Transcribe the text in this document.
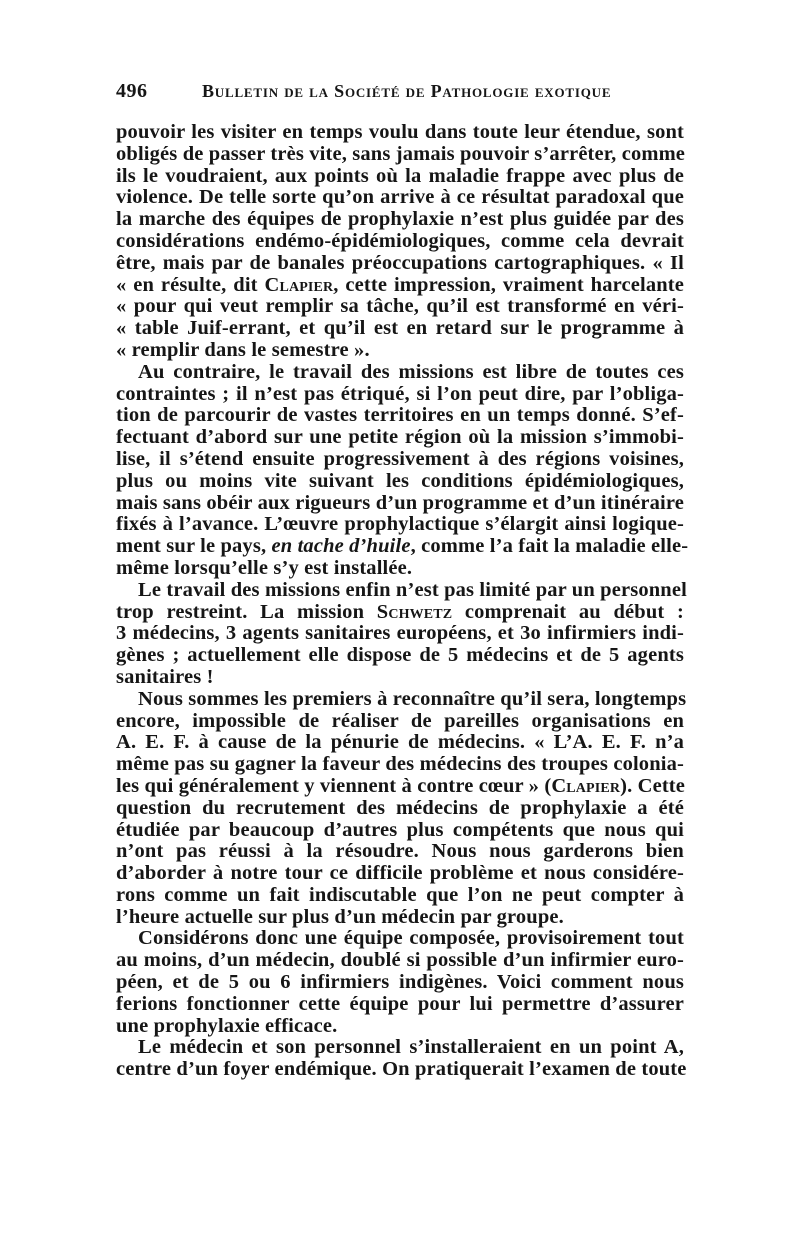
496	Bulletin de la Société de Pathologie exotique
pouvoir les visiter en temps voulu dans toute leur étendue, sont
obligés de passer très vite, sans jamais pouvoir s’arrêter, comme
ils le voudraient, aux points où la maladie frappe avec plus de
violence. De telle sorte qu’on arrive à ce résultat paradoxal que
la marche des équipes de prophylaxie n’est plus guidée par des
considérations endémo-épidémiologiques, comme cela devrait
être, mais par de banales préoccupations cartographiques. « Il
« en résulte, dit Clapier, cette impression, vraiment harcelante
« pour qui veut remplir sa tâche, qu’il est transformé en véri-
« table Juif-errant, et qu’il est en retard sur le programme à
« remplir dans le semestre ».
Au contraire, le travail des missions est libre de toutes ces
contraintes ; il n’est pas étriqué, si l’on peut dire, par l’obliga-
tion de parcourir de vastes territoires en un temps donné. S’ef-
fectuant d’abord sur une petite région où la mission s’immobi-
lise, il s’étend ensuite progressivement à des régions voisines,
plus ou moins vite suivant les conditions épidémiologiques,
mais sans obéir aux rigueurs d’un programme et d’un itinéraire
fixés à l’avance. L’œuvre prophylactique s’élargit ainsi logique-
ment sur le pays, en tache d’huile, comme l’a fait la maladie elle-
même lorsqu’elle s’y est installée.
Le travail des missions enfin n’est pas limité par un personnel
trop restreint. La mission Schwetz comprenait au début :
3 médecins, 3 agents sanitaires européens, et 3o infirmiers indi-
gènes ; actuellement elle dispose de 5 médecins et de 5 agents
sanitaires !
Nous sommes les premiers à reconnaître qu’il sera, longtemps
encore, impossible de réaliser de pareilles organisations en
A. E. F. à cause de la pénurie de médecins. « L’A. E. F. n’a
même pas su gagner la faveur des médecins des troupes colonia-
les qui généralement y viennent à contre cœur » (Clapier). Cette
question du recrutement des médecins de prophylaxie a été
étudiée par beaucoup d’autres plus compétents que nous qui
n’ont pas réussi à la résoudre. Nous nous garderons bien
d’aborder à notre tour ce difficile problème et nous considére-
rons comme un fait indiscutable que l’on ne peut compter à
l’heure actuelle sur plus d’un médecin par groupe.
Considérons donc une équipe composée, provisoirement tout
au moins, d’un médecin, doublé si possible d’un infirmier euro-
péen, et de 5 ou 6 infirmiers indigènes. Voici comment nous
ferions fonctionner cette équipe pour lui permettre d’assurer
une prophylaxie efficace.
Le médecin et son personnel s’installeraient en un point A,
centre d’un foyer endémique. On pratiquerait l’examen de toute
